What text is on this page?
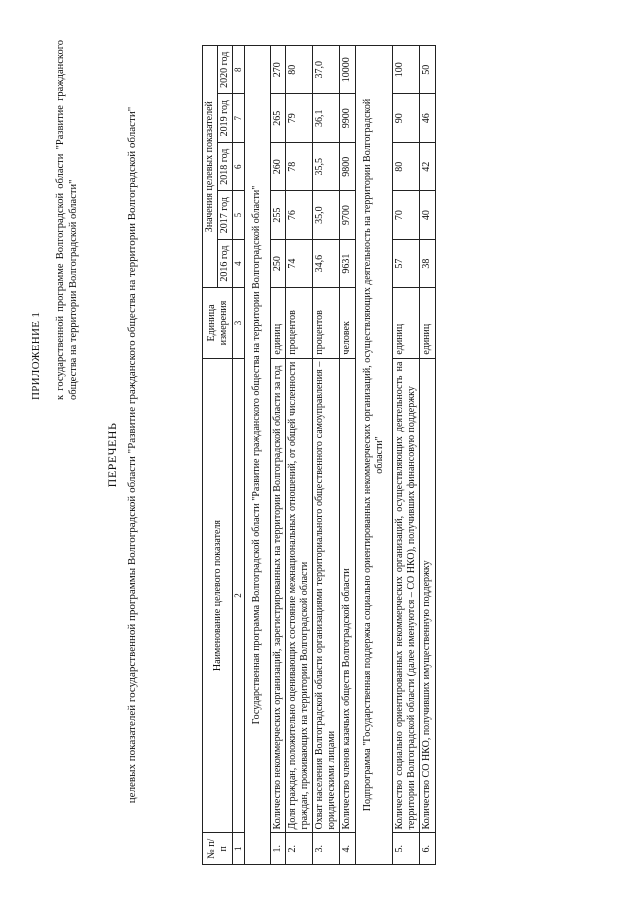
ПРИЛОЖЕНИЕ 1 к государственной программе Волгоградской области "Развитие гражданского общества на территории Волгоградской области"
ПЕРЕЧЕНЬ целевых показателей государственной программы Волгоградской области "Развитие гражданского общества на территории Волгоградской области"
№ п/п	Наименование целевого показателя	Единица измерения	Значения целевых показателей				
			2016 год	2017 год	2018 год	2019 год	2020 год
1	2	3	4	5	6	7	8
Государственная программа Волгоградской области "Развитие гражданского общества на территории Волгоградской области"							
1.	Количество некоммерческих организаций, зарегистрированных на территории Волгоградской области за год	единиц	250	255	260	265	270
2.	Доля граждан, положительно оценивающих состояние межнациональных отношений, от общей численности граждан, проживающих на территории Волгоградской области	процентов	74	76	78	79	80
3.	Охват населения Волгоградской области организациями территориального общественного самоуправления – юридическими лицами	процентов	34,6	35,0	35,5	36,1	37,0
4.	Количество членов казачьих обществ Волгоградской области	человек	9631	9700	9800	9900	10000
Подпрограмма "Государственная поддержка социально ориентированных некоммерческих организаций, осуществляющих деятельность на территории Волгоградской области"							
5.	Количество социально ориентированных некоммерческих организаций, осуществляющих деятельность на территории Волгоградской области (далее именуются – СО НКО), получивших финансовую поддержку	единиц	57	70	80	90	100
6.	Количество СО НКО, получивших имущественную поддержку	единиц	38	40	42	46	50
